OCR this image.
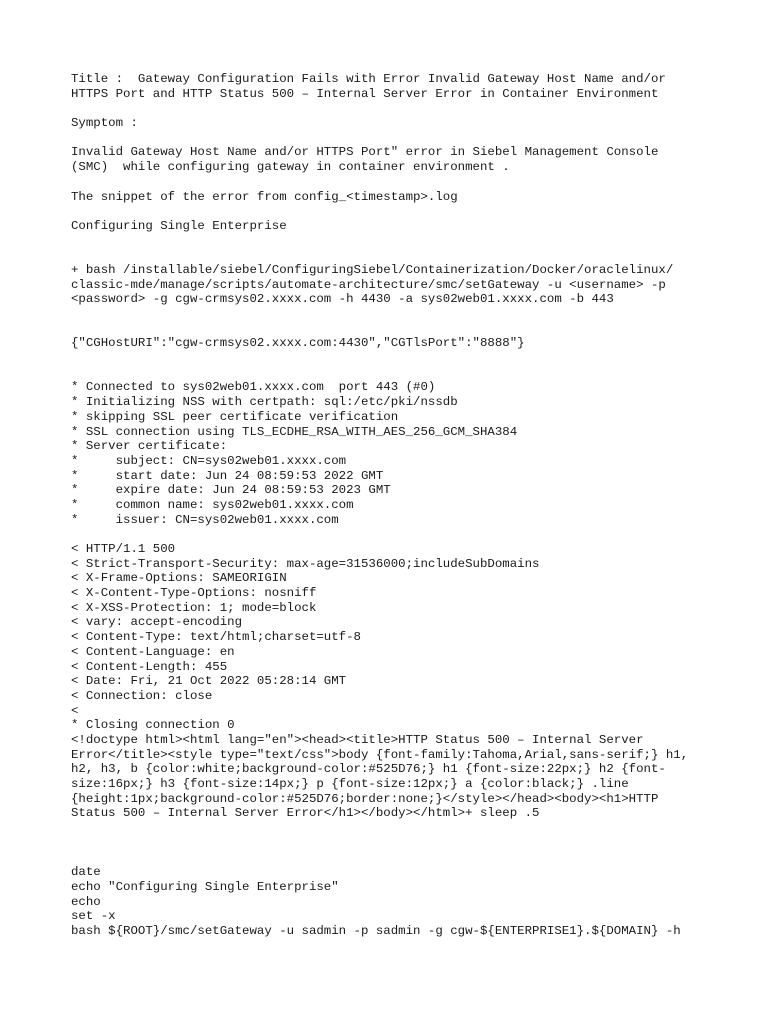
Title :  Gateway Configuration Fails with Error Invalid Gateway Host Name and/or
HTTPS Port and HTTP Status 500 – Internal Server Error in Container Environment
Symptom :
Invalid Gateway Host Name and/or HTTPS Port" error in Siebel Management Console
(SMC)  while configuring gateway in container environment .
The snippet of the error from config_<timestamp>.log
Configuring Single Enterprise
+ bash /installable/siebel/ConfiguringSiebel/Containerization/Docker/oraclelinux/
classic-mde/manage/scripts/automate-architecture/smc/setGateway -u <username> -p
<password> -g cgw-crmsys02.xxxx.com -h 4430 -a sys02web01.xxxx.com -b 443
{"CGHostURI":"cgw-crmsys02.xxxx.com:4430","CGTlsPort":"8888"}
* Connected to sys02web01.xxxx.com  port 443 (#0)
* Initializing NSS with certpath: sql:/etc/pki/nssdb
* skipping SSL peer certificate verification
* SSL connection using TLS_ECDHE_RSA_WITH_AES_256_GCM_SHA384
* Server certificate:
*     subject: CN=sys02web01.xxxx.com
*     start date: Jun 24 08:59:53 2022 GMT
*     expire date: Jun 24 08:59:53 2023 GMT
*     common name: sys02web01.xxxx.com
*     issuer: CN=sys02web01.xxxx.com
< HTTP/1.1 500
< Strict-Transport-Security: max-age=31536000;includeSubDomains
< X-Frame-Options: SAMEORIGIN
< X-Content-Type-Options: nosniff
< X-XSS-Protection: 1; mode=block
< vary: accept-encoding
< Content-Type: text/html;charset=utf-8
< Content-Language: en
< Content-Length: 455
< Date: Fri, 21 Oct 2022 05:28:14 GMT
< Connection: close
<
* Closing connection 0
<!doctype html><html lang="en"><head><title>HTTP Status 500 – Internal Server
Error</title><style type="text/css">body {font-family:Tahoma,Arial,sans-serif;} h1,
h2, h3, b {color:white;background-color:#525D76;} h1 {font-size:22px;} h2 {font-
size:16px;} h3 {font-size:14px;} p {font-size:12px;} a {color:black;} .line
{height:1px;background-color:#525D76;border:none;}</style></head><body><h1>HTTP
Status 500 – Internal Server Error</h1></body></html>+ sleep .5
date
echo "Configuring Single Enterprise"
echo
set -x
bash ${ROOT}/smc/setGateway -u sadmin -p sadmin -g cgw-${ENTERPRISE1}.${DOMAIN} -h
